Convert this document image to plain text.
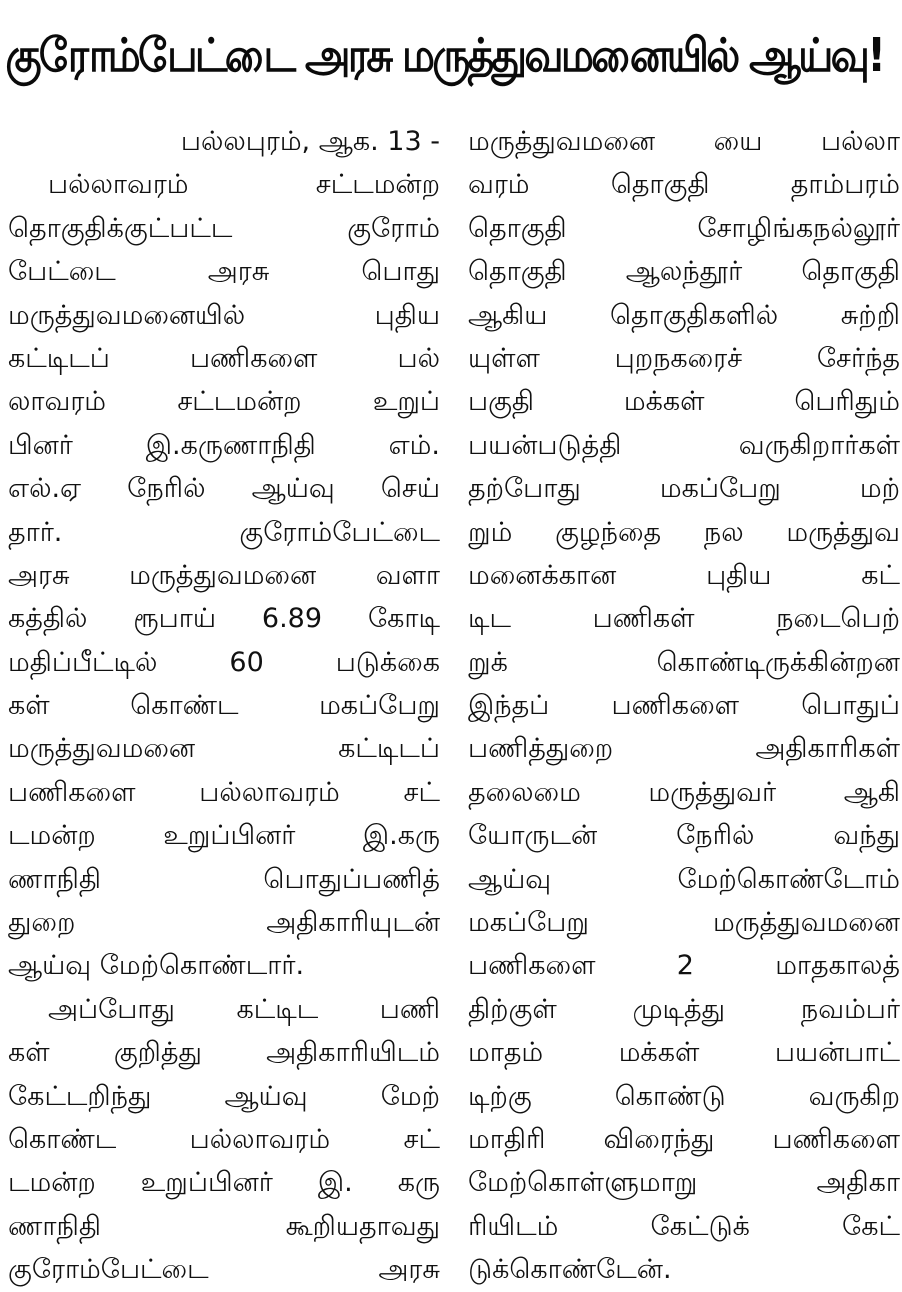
குரோம்பேட்டை அரசு மருத்துவமனையில் ஆய்வு!
பல்லபுரம், ஆக. 13 -
பல்லாவரம் சட்டமன்ற
தொகுதிக்குட்பட்ட குரோம்
பேட்டை அரசு பொது
மருத்துவமனையில் புதிய
கட்டிடப் பணிகளை பல்
லாவரம் சட்டமன்ற உறுப்
பினர் இ.கருணாநிதி எம்.
எல்.ஏ நேரில் ஆய்வு செய்
தார். குரோம்பேட்டை
அரசு மருத்துவமனை வளா
கத்தில் ரூபாய் 6.89 கோடி
மதிப்பீட்டில் 60 படுக்கை
கள் கொண்ட மகப்பேறு
மருத்துவமனை கட்டிடப்
பணிகளை பல்லாவரம் சட்
டமன்ற உறுப்பினர் இ.கரு
ணாநிதி பொதுப்பணித்
துறை அதிகாரியுடன்
ஆய்வு மேற்கொண்டார்.
அப்போது கட்டிட பணி
கள் குறித்து அதிகாரியிடம்
கேட்டறிந்து ஆய்வு மேற்
கொண்ட பல்லாவரம் சட்
டமன்ற உறுப்பினர் இ. கரு
ணாநிதி கூறியதாவது
குரோம்பேட்டை அரசு
மருத்துவமனை யை பல்லா
வரம் தொகுதி தாம்பரம்
தொகுதி சோழிங்கநல்லூர்
தொகுதி ஆலந்தூர் தொகுதி
ஆகிய தொகுதிகளில் சுற்றி
யுள்ள புறநகரைச் சேர்ந்த
பகுதி மக்கள் பெரிதும்
பயன்படுத்தி வருகிறார்கள்
தற்போது மகப்பேறு மற்
றும் குழந்தை நல மருத்துவ
மனைக்கான புதிய கட்
டிட பணிகள் நடைபெற்
றுக் கொண்டிருக்கின்றன
இந்தப் பணிகளை பொதுப்
பணித்துறை அதிகாரிகள்
தலைமை மருத்துவர் ஆகி
யோருடன் நேரில் வந்து
ஆய்வு மேற்கொண்டோம்
மகப்பேறு மருத்துவமனை
பணிகளை 2 மாதகாலத்
திற்குள் முடித்து நவம்பர்
மாதம் மக்கள் பயன்பாட்
டிற்கு கொண்டு வருகிற
மாதிரி விரைந்து பணிகளை
மேற்கொள்ளுமாறு அதிகா
ரியிடம் கேட்டுக் கேட்
டுக்கொண்டேன்.
